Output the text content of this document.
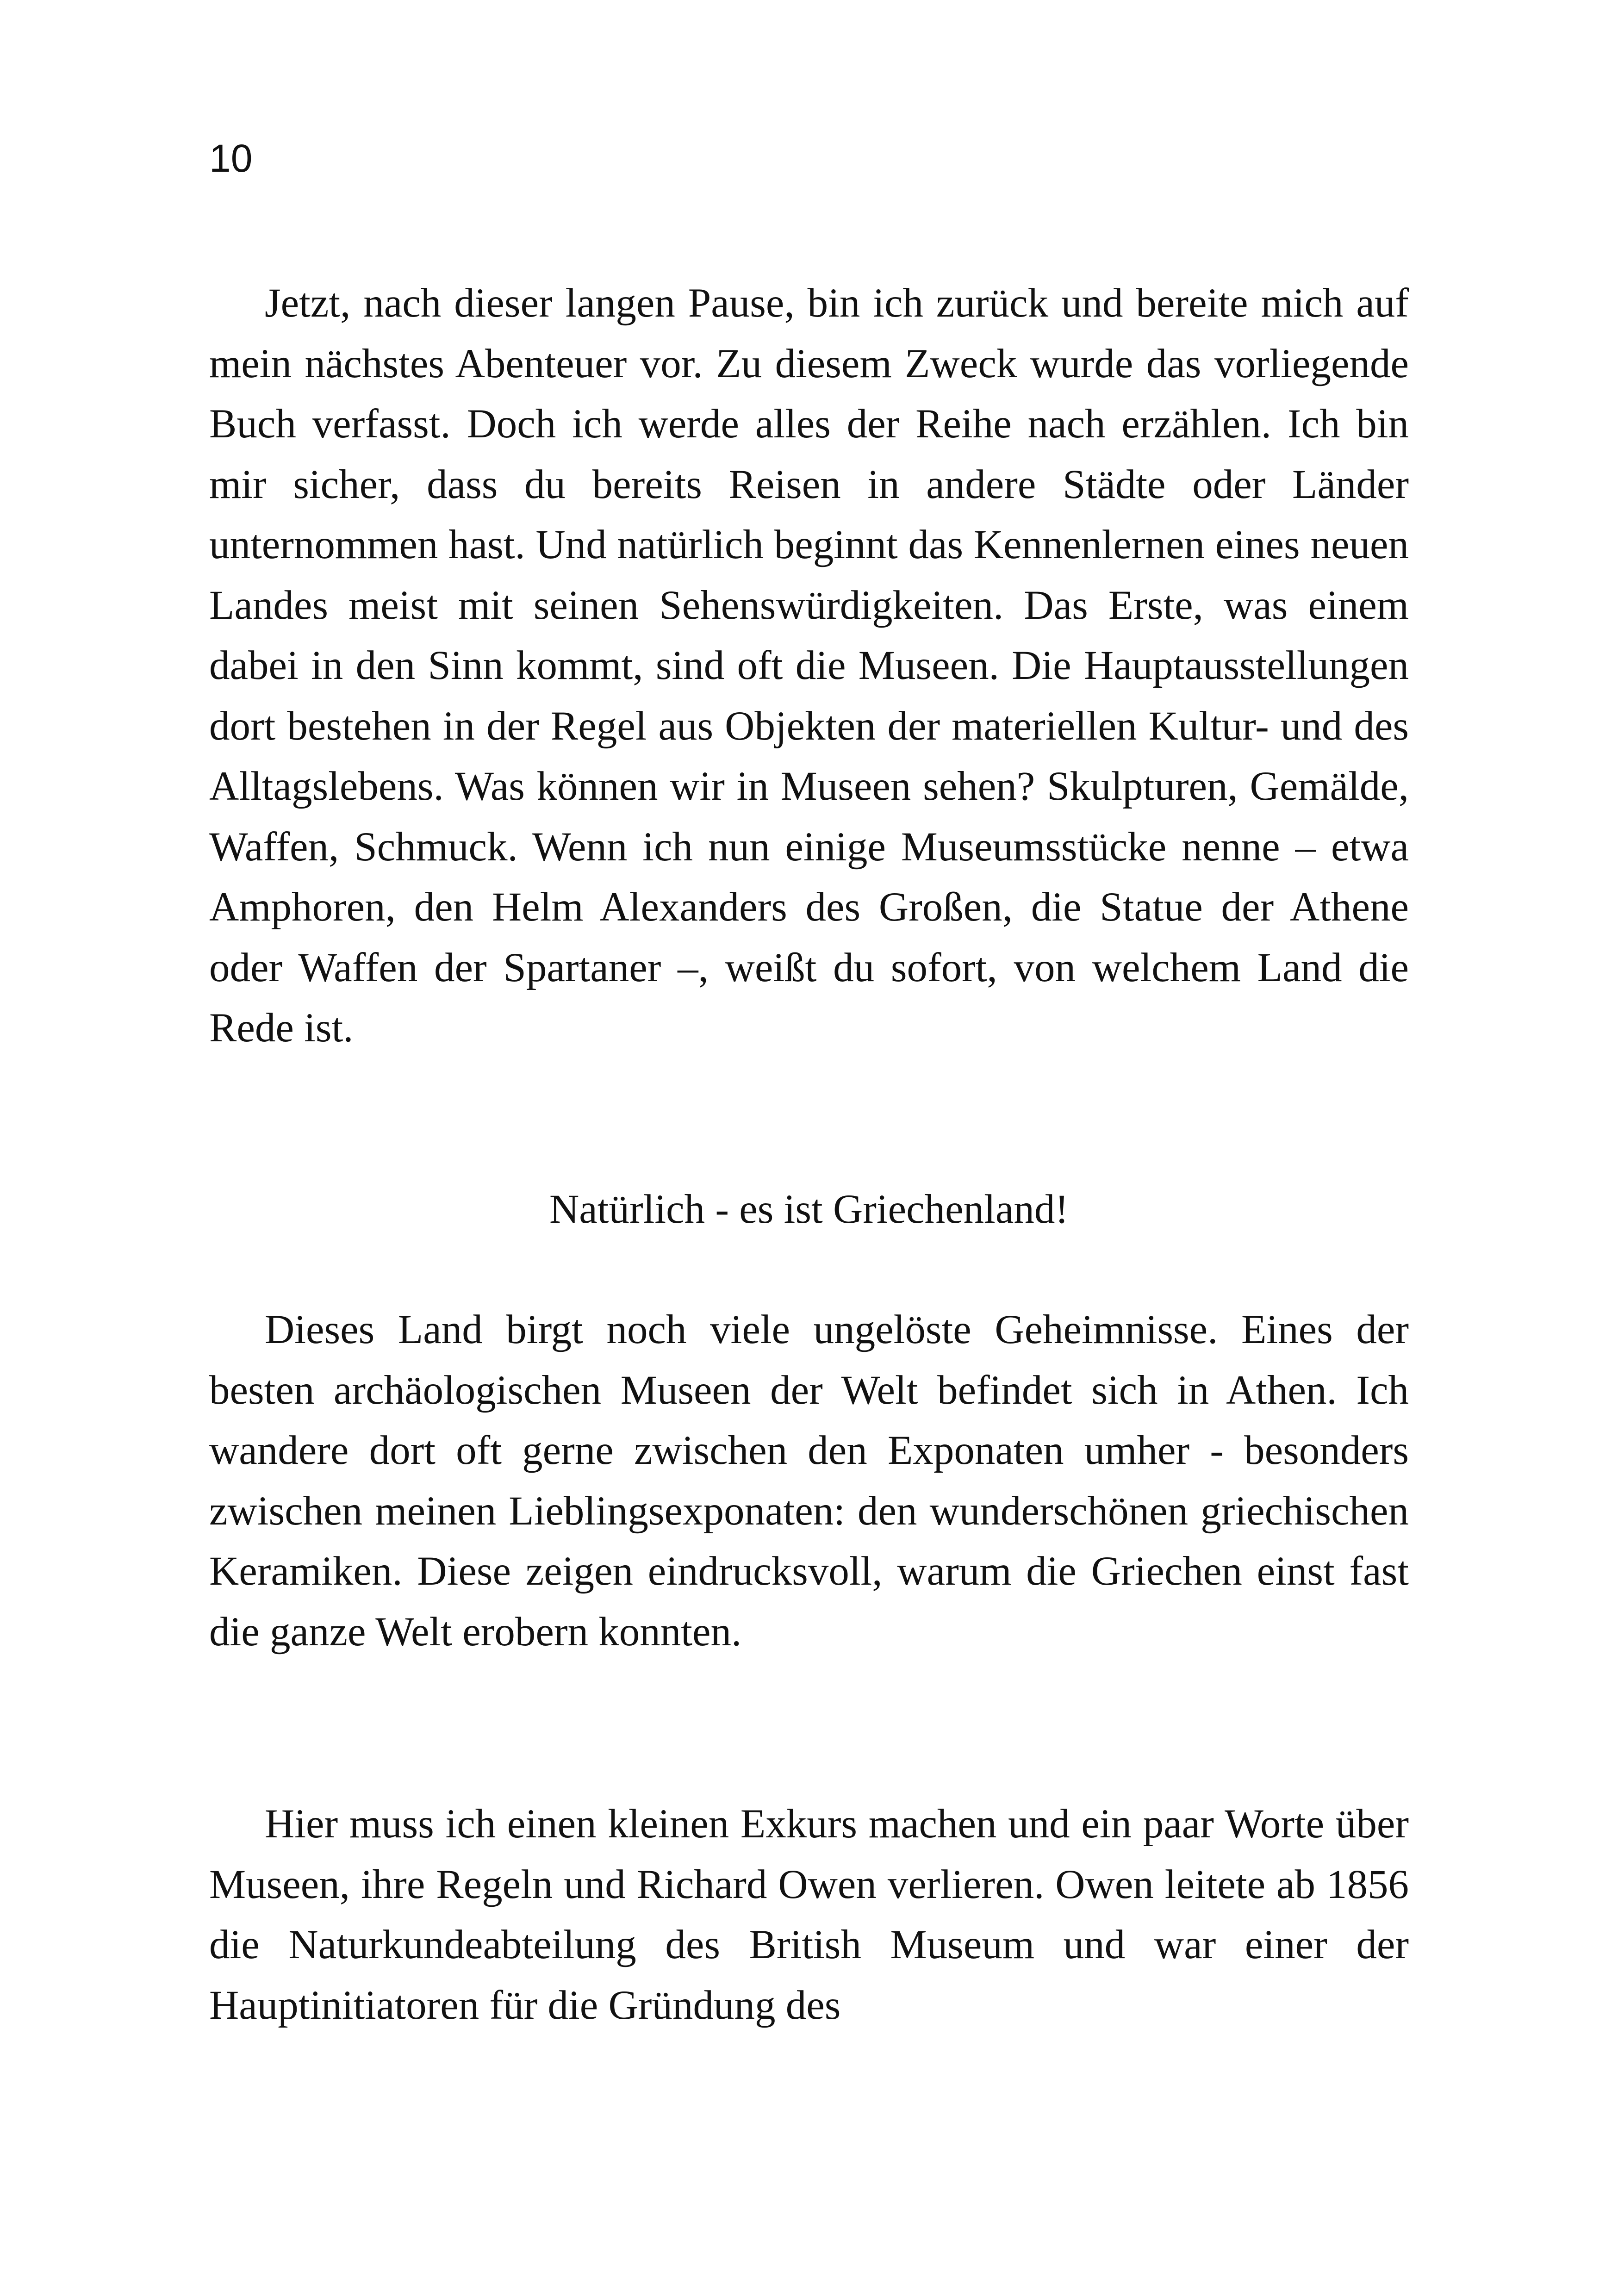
10

Jetzt, nach dieser langen Pause, bin ich zurück und bereite mich auf mein nächstes Abenteuer vor. Zu diesem Zweck wurde das vorliegende Buch verfasst. Doch ich werde alles der Reihe nach erzählen. Ich bin mir sicher, dass du bereits Reisen in andere Städte oder Länder unternommen hast. Und natürlich beginnt das Kennenlernen eines neuen Landes meist mit seinen Sehenswürdigkeiten. Das Erste, was einem dabei in den Sinn kommt, sind oft die Museen. Die Hauptausstellungen dort bestehen in der Regel aus Objekten der materiellen Kultur- und des Alltagslebens. Was können wir in Museen sehen? Skulpturen, Gemälde, Waffen, Schmuck. Wenn ich nun einige Museumsstücke nenne – etwa Amphoren, den Helm Alexanders des Großen, die Statue der Athene oder Waffen der Spartaner –, weißt du sofort, von welchem Land die Rede ist.

Natürlich - es ist Griechenland!

Dieses Land birgt noch viele ungelöste Geheimnisse. Eines der besten archäologischen Museen der Welt befindet sich in Athen. Ich wandere dort oft gerne zwischen den Exponaten umher - besonders zwischen meinen Lieblingsexponaten: den wunderschönen griechischen Keramiken. Diese zeigen eindrucksvoll, warum die Griechen einst fast die ganze Welt erobern konnten.

Hier muss ich einen kleinen Exkurs machen und ein paar Worte über Museen, ihre Regeln und Richard Owen verlieren. Owen leitete ab 1856 die Naturkundeabteilung des British Museum und war einer der Hauptinitiatoren für die Gründung des
